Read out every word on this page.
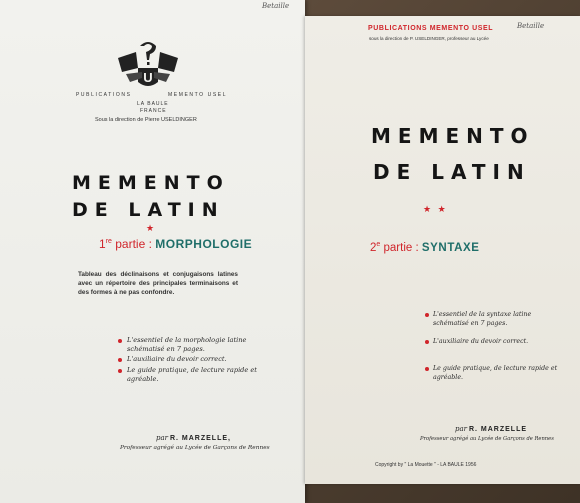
Betaille
U
PUBLICATIONS	MEMENTO USEL
LA BAULE
FRANCE
Sous la direction de Pierre USELDINGER
MEMENTO
DE LATIN
★
1re partie : MORPHOLOGIE
Tableau des déclinaisons et conjugaisons latines avec un répertoire des principales terminaisons et des formes à ne pas confondre.
L'essentiel de la morphologie latine schématisé en 7 pages.
L'auxiliaire du devoir correct.
Le guide pratique, de lecture rapide et agréable.
par R. MARZELLE,
Professeur agrégé au Lycée de Garçons de Rennes
Betaille
PUBLICATIONS MEMENTO USEL
sous la direction de P. USELDINGER, professeur au Lycée
MEMENTO
DE LATIN
★ ★
2e partie : SYNTAXE
L'essentiel de la syntaxe latine schématisé en 7 pages.
L'auxiliaire du devoir correct.
Le guide pratique, de lecture rapide et agréable.
par R. MARZELLE
Professeur agrégé au Lycée de Garçons de Rennes
Copyright by " La Mouette " - LA BAULE 1956
